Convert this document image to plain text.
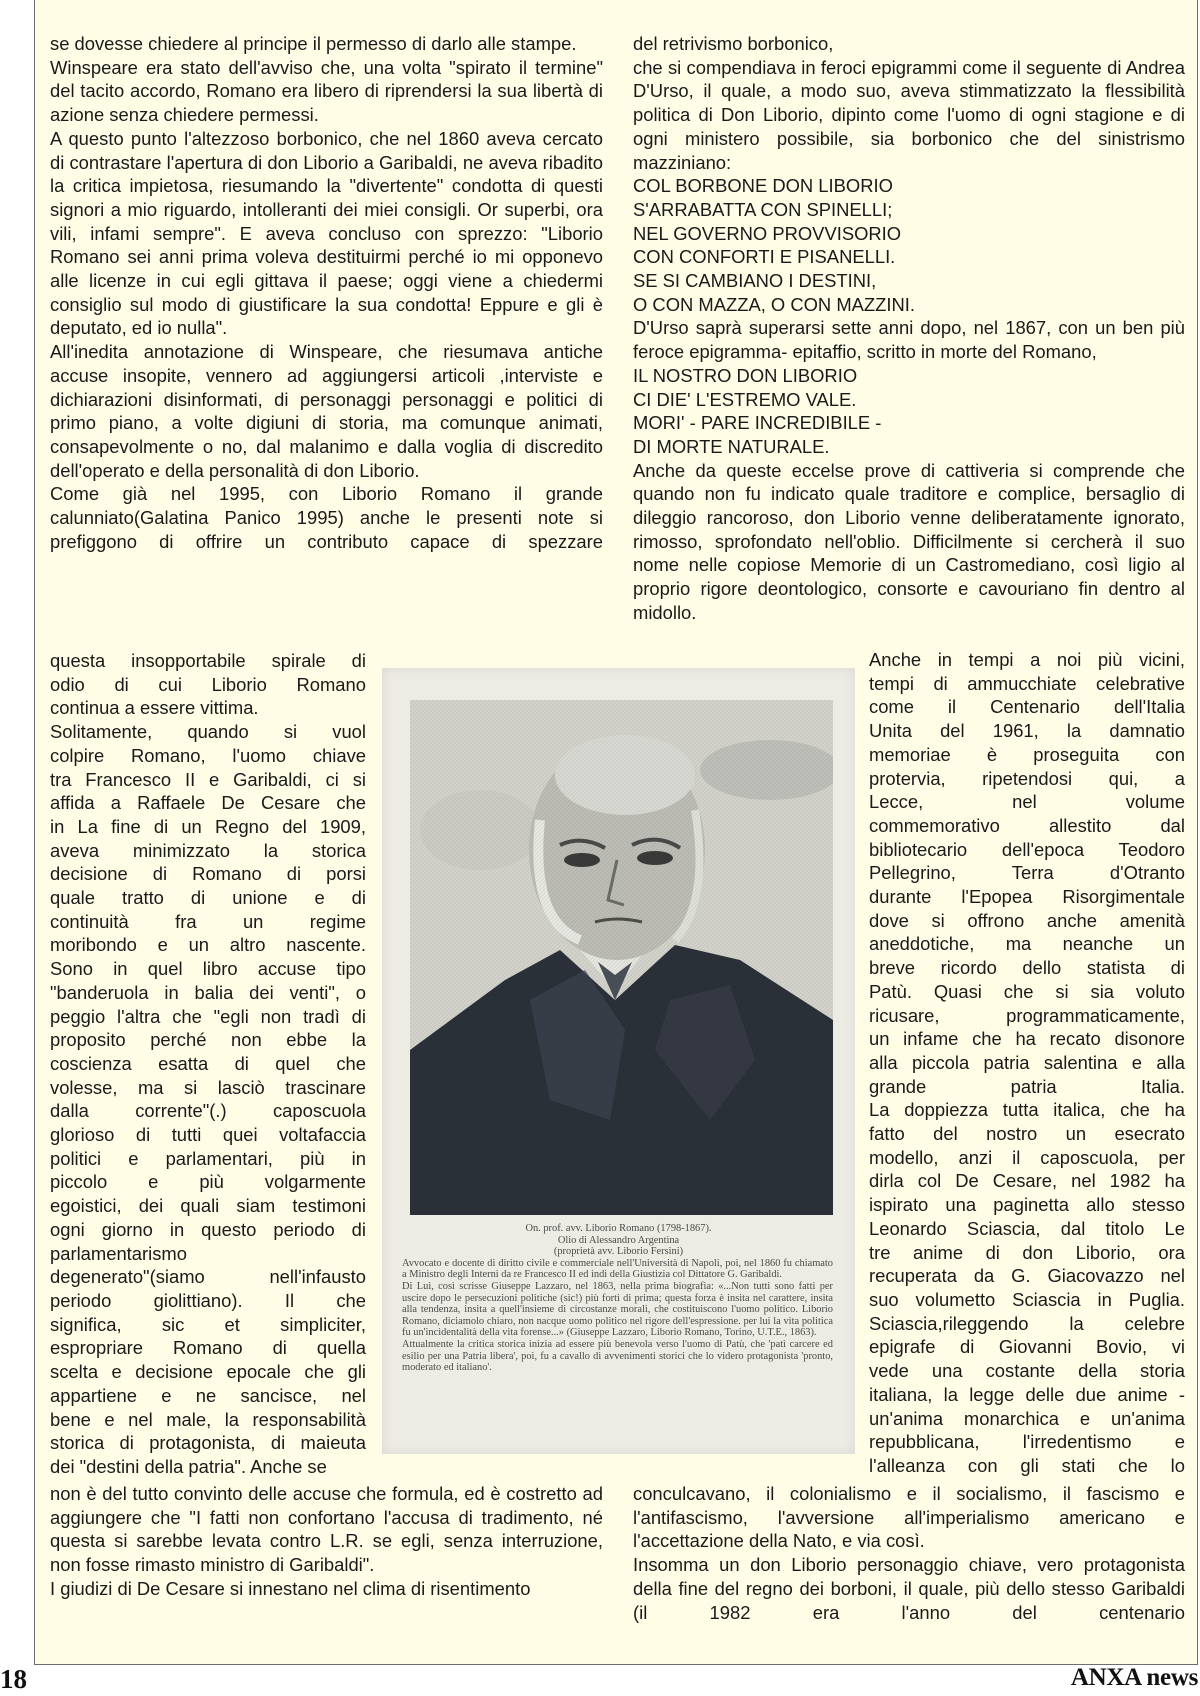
se dovesse chiedere al principe il permesso di darlo alle stampe.

Winspeare era stato dell'avviso che, una volta "spirato il termine" del tacito accordo, Romano era libero di riprendersi la sua libertà di azione senza chiedere permessi.

A questo punto l'altezzoso borbonico, che nel 1860 aveva cercato di contrastare l'apertura di don Liborio a Garibaldi, ne aveva ribadito la critica impietosa, riesumando la "divertente" condotta di questi signori a mio riguardo, intolleranti dei miei consigli. Or superbi, ora vili, infami sempre". E aveva concluso con sprezzo: "Liborio Romano sei anni prima voleva destituirmi perché io mi opponevo alle licenze in cui egli gittava il paese; oggi viene a chiedermi consiglio sul modo di giustificare la sua condotta! Eppure e gli è deputato, ed io nulla".

All'inedita annotazione di Winspeare, che riesumava antiche accuse insopite, vennero ad aggiungersi articoli ,interviste e dichiarazioni disinformati, di personaggi personaggi e politici di primo piano, a volte digiuni di storia, ma comunque animati, consapevolmente o no, dal malanimo e dalla voglia di discredito dell'operato e della personalità di don Liborio.

Come già nel 1995, con Liborio Romano il grande calunniato(Galatina Panico 1995) anche le presenti note si prefiggono di offrire un contributo capace di spezzare

questa insopportabile spirale di
odio di cui Liborio Romano
continua a essere vittima.
Solitamente, quando si vuol
colpire Romano, l'uomo chiave
tra Francesco II e Garibaldi, ci si
affida a Raffaele De Cesare che
in La fine di un Regno del 1909,
aveva minimizzato la storica
decisione di Romano di porsi
quale tratto di unione e di
continuità fra un regime
moribondo e un altro nascente.
Sono in quel libro accuse tipo
"banderuola in balia dei venti", o
peggio l'altra che "egli non tradì di
proposito perché non ebbe la
coscienza esatta di quel che
volesse, ma si lasciò trascinare
dalla corrente"(.) caposcuola
glorioso di tutti quei voltafaccia
politici e parlamentari, più in
piccolo e più volgarmente
egoistici, dei quali siam testimoni
ogni giorno in questo periodo di
parlamentarismo
degenerato"(siamo nell'infausto
periodo giolittiano). Il che
significa, sic et simpliciter,
espropriare Romano di quella
scelta e decisione epocale che gli
appartiene e ne sancisce, nel
bene e nel male, la responsabilità
storica di protagonista, di maieuta
dei "destini della patria". Anche se

On. prof. avv. Liborio Romano (1798-1867).

Olio di Alessandro Argentina

(proprietà avv. Liborio Fersini)

Avvocato e docente di diritto civile e commerciale nell'Università di Napoli, poi, nel 1860 fu chiamato a Ministro degli Interni da re Francesco II ed indi della Giustizia col Dittatore G. Garibaldi.

Di Lui, così scrisse Giuseppe Lazzaro, nel 1863, nella prima biografia: «...Non tutti sono fatti per uscire dopo le persecuzioni politiche (sic!) più forti di prima; questa forza è insita nel carattere, insita alla tendenza, insita a quell'insieme di circostanze morali, che costituiscono l'uomo politico. Liborio Romano, diciamolo chiaro, non nacque uomo politico nel rigore dell'espressione. per lui la vita politica fu un'incidentalità della vita forense...» (Giuseppe Lazzaro, Liborio Romano, Torino, U.T.E., 1863).

Attualmente la critica storica inizia ad essere più benevola verso l'uomo di Patù, che 'patì carcere ed esilio per una Patria libera', poi, fu a cavallo di avvenimenti storici che lo videro protagonista 'pronto, moderato ed italiano'.

non è del tutto convinto delle accuse che formula, ed è costretto ad aggiungere che "I fatti non confortano l'accusa di tradimento, né questa si sarebbe levata contro L.R. se egli, senza interruzione, non fosse rimasto ministro di Garibaldi".

I giudizi di De Cesare si innestano nel clima di risentimento

del retrivismo borbonico,

che si compendiava in feroci epigrammi come il seguente di Andrea D'Urso, il quale, a modo suo, aveva stimmatizzato la flessibilità politica di Don Liborio, dipinto come l'uomo di ogni stagione e di ogni ministero possibile, sia borbonico che del sinistrismo mazziniano:

COL BORBONE DON LIBORIO
S'ARRABATTA CON SPINELLI;
NEL GOVERNO PROVVISORIO
CON CONFORTI E PISANELLI.
SE SI CAMBIANO I DESTINI,
O CON MAZZA, O CON MAZZINI.

D'Urso saprà superarsi sette anni dopo, nel 1867, con un ben più feroce epigramma- epitaffio, scritto in morte del Romano,

IL NOSTRO DON LIBORIO
CI DIE' L'ESTREMO VALE.
MORI' - PARE INCREDIBILE -
DI MORTE NATURALE.

Anche da queste eccelse prove di cattiveria si comprende che quando non fu indicato quale traditore e complice, bersaglio di dileggio rancoroso, don Liborio venne deliberatamente ignorato, rimosso, sprofondato nell'oblio. Difficilmente si cercherà il suo nome nelle copiose Memorie di un Castromediano, così ligio al proprio rigore deontologico, consorte e cavouriano fin dentro al midollo.

Anche in tempi a noi più vicini,
tempi di ammucchiate celebrative
come il Centenario dell'Italia
Unita del 1961, la damnatio
memoriae è proseguita con
protervia, ripetendosi qui, a
Lecce, nel volume
commemorativo allestito dal
bibliotecario dell'epoca Teodoro
Pellegrino, Terra d'Otranto
durante l'Epopea Risorgimentale
dove si offrono anche amenità
aneddotiche, ma neanche un
breve ricordo dello statista di
Patù. Quasi che si sia voluto
ricusare, programmaticamente,
un infame che ha recato disonore
alla piccola patria salentina e alla
grande patria Italia.
La doppiezza tutta italica, che ha
fatto del nostro un esecrato
modello, anzi il caposcuola, per
dirla col De Cesare, nel 1982 ha
ispirato una paginetta allo stesso
Leonardo Sciascia, dal titolo Le
tre anime di don Liborio, ora
recuperata da G. Giacovazzo nel
suo volumetto Sciascia in Puglia.
Sciascia,rileggendo la celebre
epigrafe di Giovanni Bovio, vi
vede una costante della storia
italiana, la legge delle due anime -
un'anima monarchica e un'anima
repubblicana, l'irredentismo e
l'alleanza con gli stati che lo

conculcavano, il colonialismo e il socialismo, il fascismo e l'antifascismo, l'avversione all'imperialismo americano e l'accettazione della Nato, e via così.

Insomma un don Liborio personaggio chiave, vero protagonista della fine del regno dei borboni, il quale, più dello stesso Garibaldi (il 1982 era l'anno del centenario

18	ANXA news
